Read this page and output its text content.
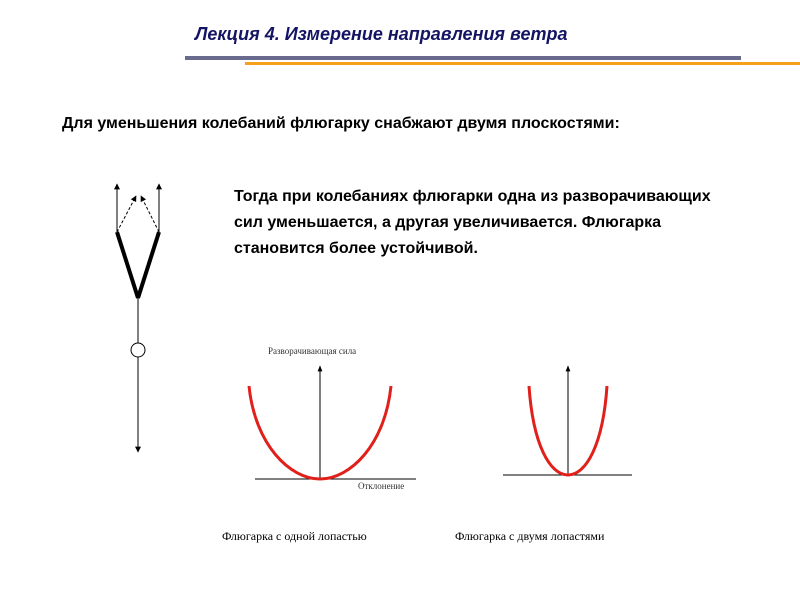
Лекция 4. Измерение направления ветра
Для уменьшения колебаний флюгарку снабжают двумя плоскостями:
Тогда при колебаниях флюгарки одна из разворачивающих сил уменьшается, а другая увеличивается. Флюгарка становится более устойчивой.
Разворачивающая сила
Отклонение
Флюгарка с одной лопастью	Флюгарка с двумя лопастями
